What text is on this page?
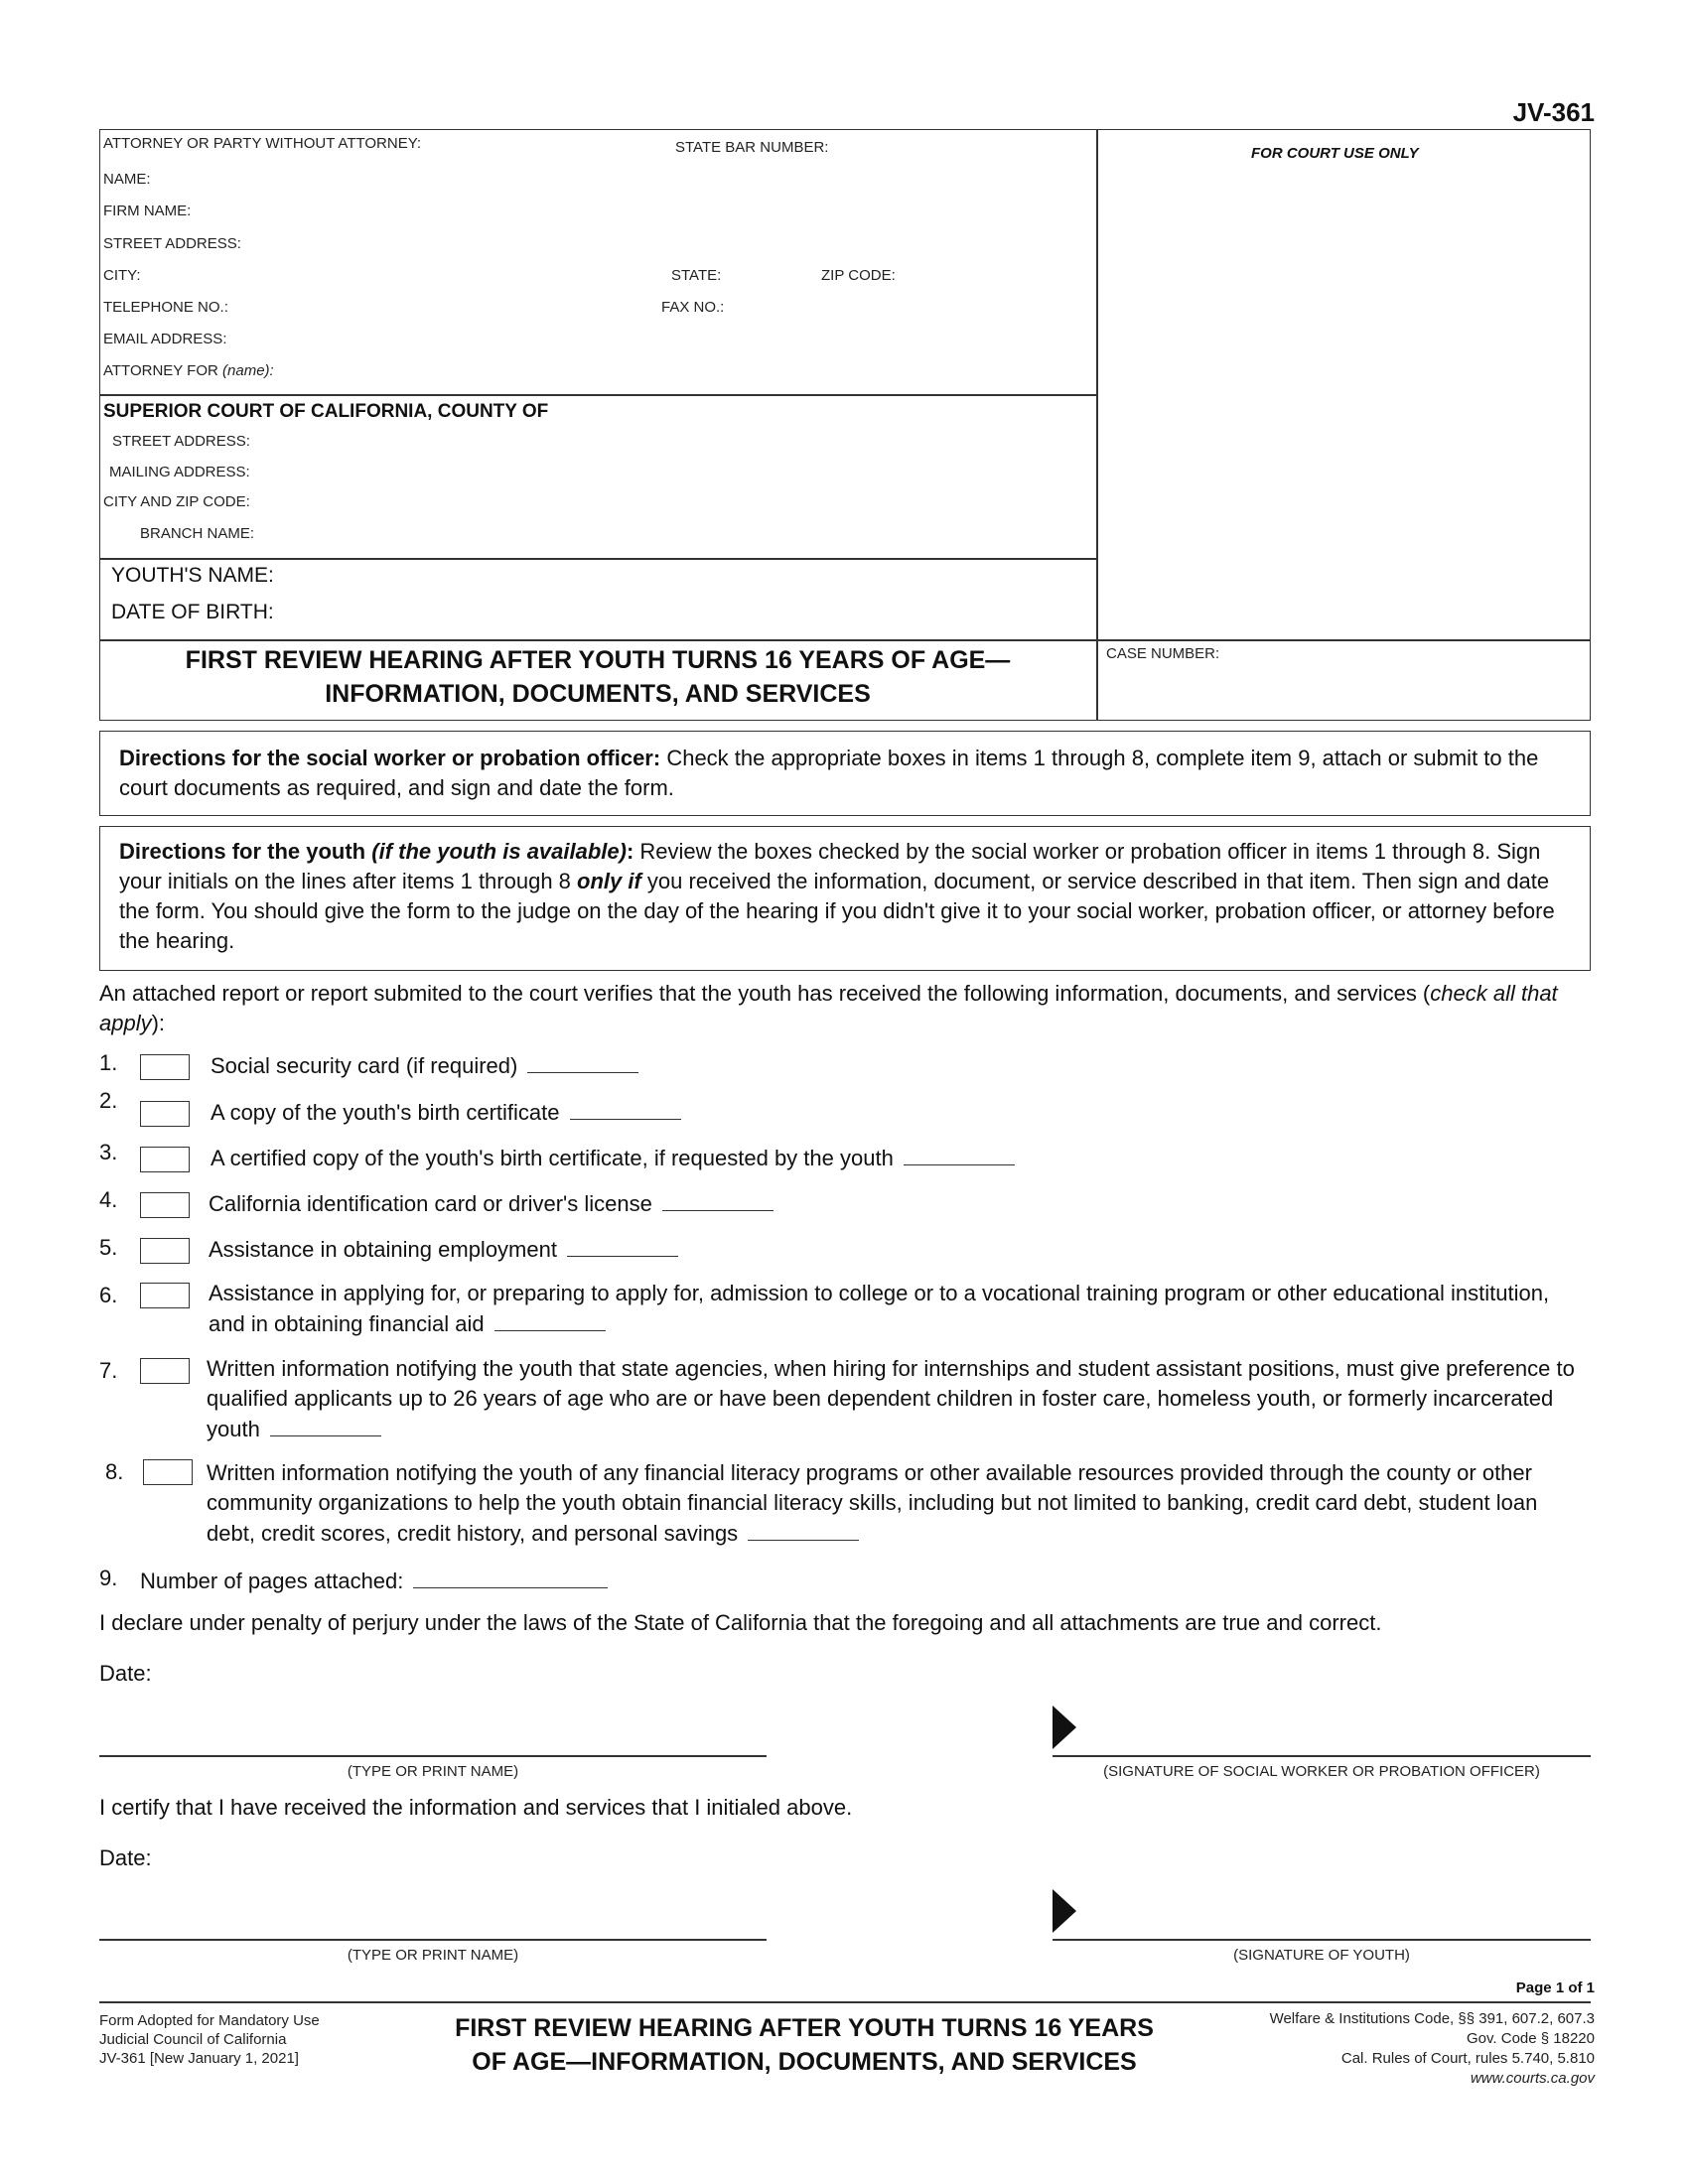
JV-361
ATTORNEY OR PARTY WITHOUT ATTORNEY:	STATE BAR NUMBER:
NAME:
FIRM NAME:
STREET ADDRESS:
CITY:	STATE:	ZIP CODE:
TELEPHONE NO.:	FAX NO.:
EMAIL ADDRESS:
ATTORNEY FOR (name):
FOR COURT USE ONLY
SUPERIOR COURT OF CALIFORNIA, COUNTY OF
STREET ADDRESS:
MAILING ADDRESS:
CITY AND ZIP CODE:
BRANCH NAME:
YOUTH'S NAME:
DATE OF BIRTH:
FIRST REVIEW HEARING AFTER YOUTH TURNS 16 YEARS OF AGE—
INFORMATION, DOCUMENTS, AND SERVICES
CASE NUMBER:
Directions for the social worker or probation officer: Check the appropriate boxes in items 1 through 8, complete item 9, attach or submit to the court documents as required, and sign and date the form.
Directions for the youth (if the youth is available): Review the boxes checked by the social worker or probation officer in items 1 through 8. Sign your initials on the lines after items 1 through 8 only if you received the information, document, or service described in that item. Then sign and date the form. You should give the form to the judge on the day of the hearing if you didn't give it to your social worker, probation officer, or attorney before the hearing.
An attached report or report submited to the court verifies that the youth has received the following information, documents, and services (check all that apply):
1.	Social security card (if required)
2.	A copy of the youth's birth certificate
3.	A certified copy of the youth's birth certificate, if requested by the youth
4.	California identification card or driver's license
5.	Assistance in obtaining employment
6.	Assistance in applying for, or preparing to apply for, admission to college or to a vocational training program or other educational institution, and in obtaining financial aid
7.	Written information notifying the youth that state agencies, when hiring for internships and student assistant positions, must give preference to qualified applicants up to 26 years of age who are or have been dependent children in foster care, homeless youth, or formerly incarcerated youth
8.	Written information notifying the youth of any financial literacy programs or other available resources provided through the county or other community organizations to help the youth obtain financial literacy skills, including but not limited to banking, credit card debt, student loan debt, credit scores, credit history, and personal savings
9. Number of pages attached:
I declare under penalty of perjury under the laws of the State of California that the foregoing and all attachments are true and correct.
Date:
(TYPE OR PRINT NAME)	(SIGNATURE OF SOCIAL WORKER OR PROBATION OFFICER)
I certify that I have received the information and services that I initialed above.
Date:
(TYPE OR PRINT NAME)	(SIGNATURE OF YOUTH)
Page 1 of 1
Form Adopted for Mandatory Use
Judicial Council of California
JV-361 [New January 1, 2021]
FIRST REVIEW HEARING AFTER YOUTH TURNS 16 YEARS
OF AGE—INFORMATION, DOCUMENTS, AND SERVICES
Welfare & Institutions Code, §§ 391, 607.2, 607.3
Gov. Code § 18220
Cal. Rules of Court, rules 5.740, 5.810
www.courts.ca.gov
